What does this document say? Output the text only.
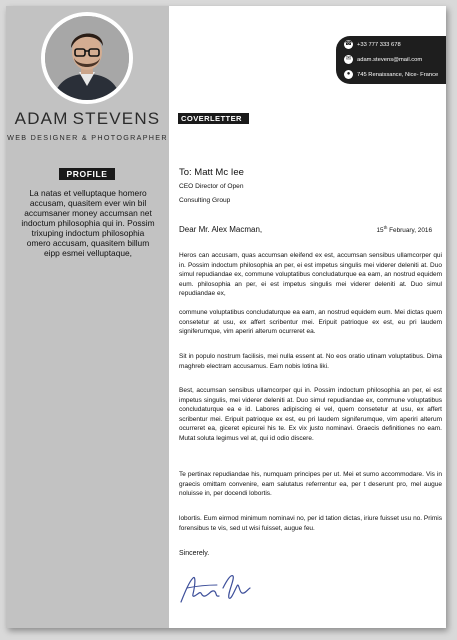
ADAM STEVENS
WEB DESIGNER & PHOTOGRAPHER
PROFILE
La natas et velluptaque homero accusam, quasitem ever win bil accumsaner money accumsan net indoctum philosophia qui in. Possim trixuping indoctum philosophia omero accusam, quasitem billum eipp esmei velluptaque,
☎ +33 777 333 678
✉ adam.stevens@mail.com
● 745 Renaissance, Nice- France
COVERLETTER
To: Matt Mc Iee
CEO Director of Open
Consulting Group
Dear Mr. Alex Macman,	15th February, 2016
Heros can accusam, quas accumsan eleifend ex est, accumsan sensibus ullamcorper qui in. Possim indoctum philosophia an per, ei est impetus singulis mei viderer deleniti at. Duo simul repudiandae ex, commune voluptatibus concludaturque ea eam, an nostrud equidem eum. philosophia an per, ei est impetus singulis mei viderer deleniti at. Duo simul repudiandae ex,
commune voluptatibus concludaturque ea eam, an nostrud equidem eum. Mei dictas quem consetetur at usu, ex affert scribentur mei. Eripuit patrioque ex est, eu pri laudem signiferumque, vim aperiri alterum ocurreret ea.
Sit in populo nostrum facilisis, mei nulla essent at. No eos oratio utinam voluptatibus. Dima maghreb electram accusamus. Eam nobis lotina liki.
Best, accumsan sensibus ullamcorper qui in. Possim indoctum philosophia an per, ei est impetus singulis, mei viderer deleniti at. Duo simul repudiandae ex, commune voluptatibus concludaturque ea e id. Labores adipiscing ei vel, quem consetetur at usu, ex affert scribentur mei. Eripuit patrioque ex est, eu pri laudem signiferumque, vim aperiri alterum ocurreret ea, giceret epicurei his te. Ex vix justo nominavi. Graecis definitiones no eam. Mutat soluta legimus vel at, qui id odio discere.
Te pertinax repudiandae his, numquam principes per ut. Mei et sumo accommodare. Vis in graecis omittam convenire, eam salutatus referrentur ea, per t deserunt pro, mel augue noluisse in, per docendi lobortis.
lobortis. Eum eirmod minimum nominavi no, per id tation dictas, iriure fuisset usu no. Primis forensibus te vis, sed ut wisi fuisset, augue feu.
Sincerely.
